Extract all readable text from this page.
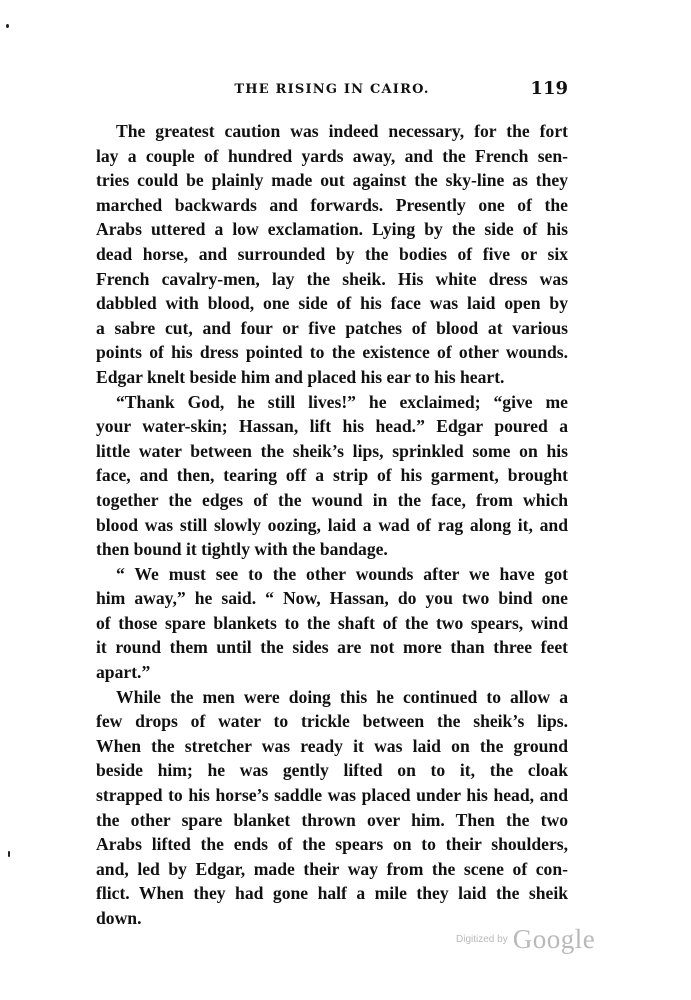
THE RISING IN CAIRO.	119
The greatest caution was indeed necessary, for the fort
lay a couple of hundred yards away, and the French sen-
tries could be plainly made out against the sky-line as they
marched backwards and forwards. Presently one of the
Arabs uttered a low exclamation. Lying by the side of his
dead horse, and surrounded by the bodies of five or six
French cavalry-men, lay the sheik. His white dress was
dabbled with blood, one side of his face was laid open by
a sabre cut, and four or five patches of blood at various
points of his dress pointed to the existence of other wounds.
Edgar knelt beside him and placed his ear to his heart.
“Thank God, he still lives!” he exclaimed; “give me
your water-skin; Hassan, lift his head.” Edgar poured a
little water between the sheik’s lips, sprinkled some on his
face, and then, tearing off a strip of his garment, brought
together the edges of the wound in the face, from which
blood was still slowly oozing, laid a wad of rag along it, and
then bound it tightly with the bandage.
“ We must see to the other wounds after we have got
him away,” he said. “ Now, Hassan, do you two bind one
of those spare blankets to the shaft of the two spears, wind
it round them until the sides are not more than three feet
apart.”
While the men were doing this he continued to allow a
few drops of water to trickle between the sheik’s lips.
When the stretcher was ready it was laid on the ground
beside him; he was gently lifted on to it, the cloak
strapped to his horse’s saddle was placed under his head, and
the other spare blanket thrown over him. Then the two
Arabs lifted the ends of the spears on to their shoulders,
and, led by Edgar, made their way from the scene of con-
flict. When they had gone half a mile they laid the sheik
down.
$^{Digitized by}$ Google
